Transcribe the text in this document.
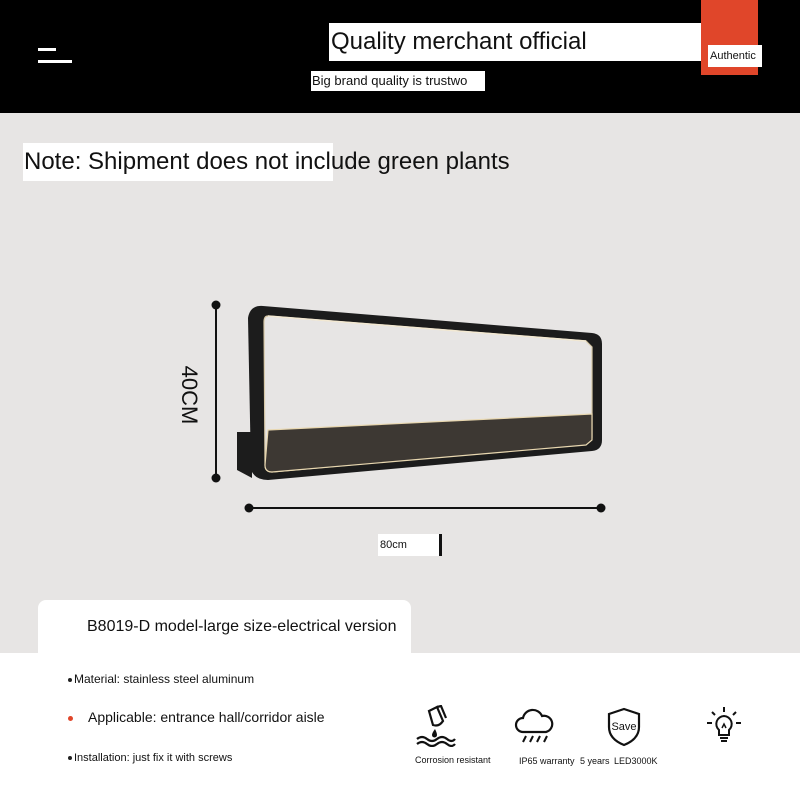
Quality merchant official
Authentic
Big brand quality is trustwo
Note: Shipment does not include green plants
40CM
80cm
B8019-D model-large size-electrical version
Material: stainless steel aluminum
Applicable: entrance hall/corridor aisle
Installation: just fix it with screws	Corrosion resistant	IP65 warranty
Save
5 years LED3000K
